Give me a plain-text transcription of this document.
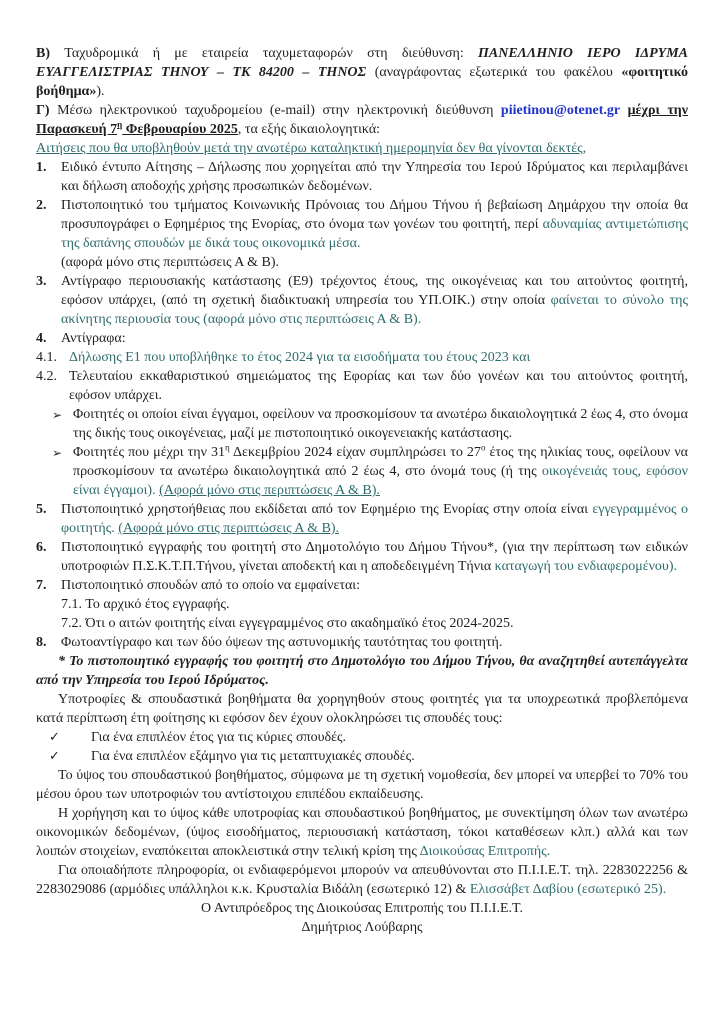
Β) Ταχυδρομικά ή με εταιρεία ταχυμεταφορών στη διεύθυνση: ΠΑΝΕΛΛΗΝΙΟ ΙΕΡΟ ΙΔΡΥΜΑ ΕΥΑΓΓΕΛΙΣΤΡΙΑΣ ΤΗΝΟΥ – ΤΚ 84200 – ΤΗΝΟΣ (αναγράφοντας εξωτερικά του φακέλου «φοιτητικό βοήθημα»).

Γ) Μέσω ηλεκτρονικού ταχυδρομείου (e-mail) στην ηλεκτρονική διεύθυνση piietinou@otenet.gr μέχρι την Παρασκευή $7^\eta$ Φεβρουαρίου 2025, τα εξής δικαιολογητικά:

Αιτήσεις που θα υποβληθούν μετά την ανωτέρω καταληκτική ημερομηνία δεν θα γίνονται δεκτές,

1. Ειδικό έντυπο Αίτησης – Δήλωσης που χορηγείται από την Υπηρεσία του Ιερού Ιδρύματος και περιλαμβάνει και δήλωση αποδοχής χρήσης προσωπικών δεδομένων.

2. Πιστοποιητικό του τμήματος Κοινωνικής Πρόνοιας του Δήμου Τήνου ή βεβαίωση Δημάρχου την οποία θα προσυπογράφει ο Εφημέριος της Ενορίας, στο όνομα των γονέων του φοιτητή, περί αδυναμίας αντιμετώπισης της δαπάνης σπουδών με δικά τους οικονομικά μέσα.
(αφορά μόνο στις περιπτώσεις Α & Β).

3. Αντίγραφο περιουσιακής κατάστασης (Ε9) τρέχοντος έτους, της οικογένειας και του αιτούντος φοιτητή, εφόσον υπάρχει, (από τη σχετική διαδικτυακή υπηρεσία του ΥΠ.ΟΙΚ.) στην οποία φαίνεται το σύνολο της ακίνητης περιουσία τους (αφορά μόνο στις περιπτώσεις Α & Β).

4. Αντίγραφα:

4.1. Δήλωσης Ε1 που υποβλήθηκε το έτος 2024 για τα εισοδήματα του έτους 2023 και

4.2. Τελευταίου εκκαθαριστικού σημειώματος της Εφορίας και των δύο γονέων και του αιτούντος φοιτητή, εφόσον υπάρχει.

➢ Φοιτητές οι οποίοι είναι έγγαμοι, οφείλουν να προσκομίσουν τα ανωτέρω δικαιολογητικά 2 έως 4, στο όνομα της δικής τους οικογένειας, μαζί με πιστοποιητικό οικογενειακής κατάστασης.

➢ Φοιτητές που μέχρι την $31^\eta$ Δεκεμβρίου 2024 είχαν συμπληρώσει το $27^o$ έτος της ηλικίας τους, οφείλουν να προσκομίσουν τα ανωτέρω δικαιολογητικά από 2 έως 4, στο όνομά τους (ή της οικογένειάς τους, εφόσον είναι έγγαμοι). (Αφορά μόνο στις περιπτώσεις Α & Β).

5. Πιστοποιητικό χρηστοήθειας που εκδίδεται από τον Εφημέριο της Ενορίας στην οποία είναι εγγεγραμμένος ο φοιτητής. (Αφορά μόνο στις περιπτώσεις Α & Β).

6. Πιστοποιητικό εγγραφής του φοιτητή στο Δημοτολόγιο του Δήμου Τήνου*, (για την περίπτωση των ειδικών υποτροφιών Π.Σ.Κ.Τ.Π.Τήνου, γίνεται αποδεκτή και η αποδεδειγμένη Τήνια καταγωγή του ενδιαφερομένου).

7. Πιστοποιητικό σπουδών από το οποίο να εμφαίνεται:

7.1. Το αρχικό έτος εγγραφής.

7.2. Ότι ο αιτών φοιτητής είναι εγγεγραμμένος στο ακαδημαϊκό έτος 2024-2025.

8. Φωτοαντίγραφο και των δύο όψεων της αστυνομικής ταυτότητας του φοιτητή.

* Το πιστοποιητικό εγγραφής του φοιτητή στο Δημοτολόγιο του Δήμου Τήνου, θα αναζητηθεί αυτεπάγγελτα από την Υπηρεσία του Ιερού Ιδρύματος.

Υποτροφίες & σπουδαστικά βοηθήματα θα χορηγηθούν στους φοιτητές για τα υποχρεωτικά προβλεπόμενα κατά περίπτωση έτη φοίτησης κι εφόσον δεν έχουν ολοκληρώσει τις σπουδές τους:

✓ Για ένα επιπλέον έτος για τις κύριες σπουδές.

✓ Για ένα επιπλέον εξάμηνο για τις μεταπτυχιακές σπουδές.

Το ύψος του σπουδαστικού βοηθήματος, σύμφωνα με τη σχετική νομοθεσία, δεν μπορεί να υπερβεί το 70% του μέσου όρου των υποτροφιών του αντίστοιχου επιπέδου εκπαίδευσης.

Η χορήγηση και το ύψος κάθε υποτροφίας και σπουδαστικού βοηθήματος, με συνεκτίμηση όλων των ανωτέρω οικονομικών δεδομένων, (ύψος εισοδήματος, περιουσιακή κατάσταση, τόκοι καταθέσεων κλπ.) αλλά και των λοιπών στοιχείων, εναπόκειται αποκλειστικά στην τελική κρίση της Διοικούσας Επιτροπής.

Για οποιαδήποτε πληροφορία, οι ενδιαφερόμενοι μπορούν να απευθύνονται στο Π.Ι.Ι.Ε.Τ. τηλ. 2283022256 & 2283029086 (αρμόδιες υπάλληλοι κ.κ. Κρυσταλία Βιδάλη (εσωτερικό 12) & Ελισσάβετ Δαβίου (εσωτερικό 25).

Ο Αντιπρόεδρος της Διοικούσας Επιτροπής του Π.Ι.Ι.Ε.Τ.

Δημήτριος Λούβαρης
